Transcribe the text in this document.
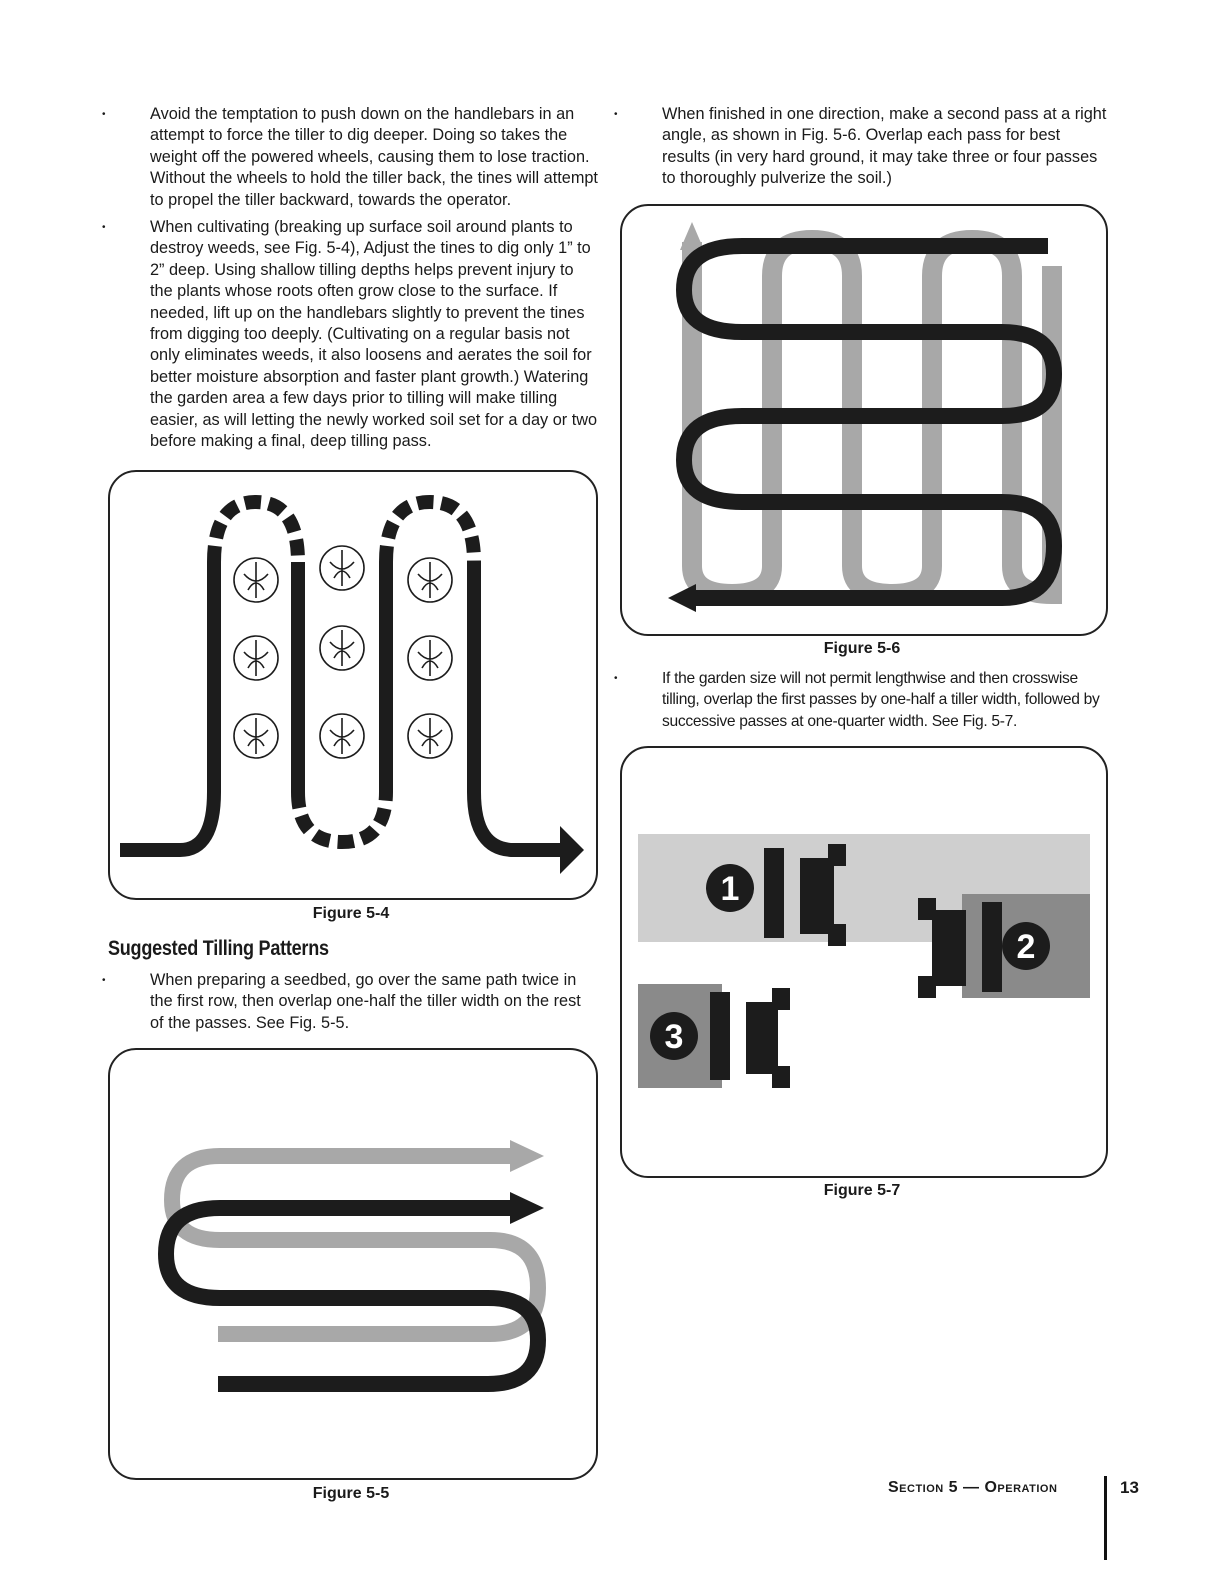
• Avoid the temptation to push down on the handlebars in an attempt to force the tiller to dig deeper. Doing so takes the weight off the powered wheels, causing them to lose traction. Without the wheels to hold the tiller back, the tines will attempt to propel the tiller backward, towards the operator.

• When cultivating (breaking up surface soil around plants to destroy weeds, see Fig. 5-4), Adjust the tines to dig only 1” to 2” deep. Using shallow tilling depths helps prevent injury to the plants whose roots often grow close to the surface. If needed, lift up on the handlebars slightly to prevent the tines from digging too deeply. (Cultivating on a regular basis not only eliminates weeds, it also loosens and aerates the soil for better moisture absorption and faster plant growth.) Watering the garden area a few days prior to tilling will make tilling easier, as will letting the newly worked soil set for a day or two before making a final, deep tilling pass.

Figure 5-4
Suggested Tilling Patterns

• When preparing a seedbed, go over the same path twice in the first row, then overlap one-half the tiller width on the rest of the passes. See Fig. 5-5.

Figure 5-5

• When finished in one direction, make a second pass at a right angle, as shown in Fig. 5-6. Overlap each pass for best results (in very hard ground, it may take three or four passes to thoroughly pulverize the soil.)

Figure 5-6

• If the garden size will not permit lengthwise and then crosswise tilling, overlap the first passes by one-half a tiller width, followed by successive passes at one-quarter width. See Fig. 5-7.

1
2
3
Figure 5-7
Section 5 — Operation	13
